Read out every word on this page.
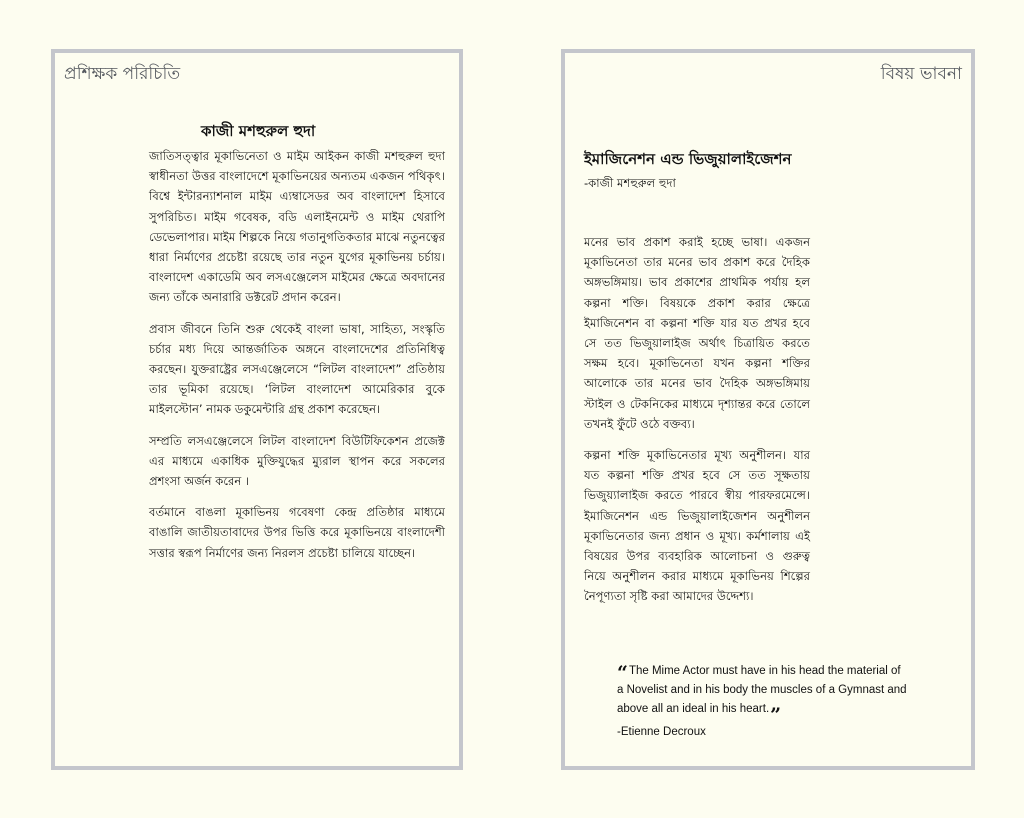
প্রশিক্ষক পরিচিতি	বিষয় ভাবনা
কাজী মশহুরুল হুদা

জাতিসত্ত্বার মূকাভিনেতা ও মাইম আইকন কাজী মশহুরুল হুদা স্বাধীনতা উত্তর বাংলাদেশে মূকাভিনয়ের অন্যতম একজন পথিকৃৎ। বিশ্বে ইন্টারন্যাশনাল মাইম এ্যম্বাসেডর অব বাংলাদেশ হিসাবে সুপরিচিত। মাইম গবেষক, বডি এলাইনমেন্ট ও মাইম থেরাপি ডেভেলাপার। মাইম শিল্পকে নিয়ে গতানুগতিকতার মাঝে নতুনত্বের ধারা নির্মাণের প্রচেষ্টা রয়েছে তার নতুন যুগের মূকাভিনয় চর্চায়। বাংলাদেশ একাডেমি অব লসএঞ্জেলেস মাইমের ক্ষেত্রে অবদানের জন্য তাঁকে অনারারি ডক্টরেট প্রদান করেন।

প্রবাস জীবনে তিনি শুরু থেকেই বাংলা ভাষা, সাহিত্য, সংস্কৃতি চর্চার মধ্য দিয়ে আন্তর্জাতিক অঙ্গনে বাংলাদেশের প্রতিনিধিত্ব করছেন। যুক্তরাষ্ট্রের লসএঞ্জেলেসে “লিটল বাংলাদেশ” প্রতিষ্ঠায় তার ভূমিকা রয়েছে। ‘লিটল বাংলাদেশ আমেরিকার বুকে মাইলস্টোন’ নামক ডকুমেন্টারি গ্রন্থ প্রকাশ করেছেন।

সম্প্রতি লসএঞ্জেলেসে লিটল বাংলাদেশ বিউটিফিকেশন প্রজেক্ট এর মাধ্যমে একাধিক মুক্তিযুদ্ধের ম্যুরাল স্থাপন করে সকলের প্রশংসা অর্জন করেন ।

বর্তমানে বাঙলা মূকাভিনয় গবেষণা কেন্দ্র প্রতিষ্ঠার মাধ্যমে বাঙালি জাতীয়তাবাদের উপর ভিত্তি করে মূকাভিনয়ে বাংলাদেশী সত্তার স্বরূপ নির্মাণের জন্য নিরলস প্রচেষ্টা চালিয়ে যাচ্ছেন।

ইমাজিনেশন এন্ড ভিজুয়ালাইজেশন
-কাজী মশহুরুল হুদা

মনের ভাব প্রকাশ করাই হচ্ছে ভাষা। একজন মূকাভিনেতা তার মনের ভাব প্রকাশ করে দৈহিক অঙ্গভঙ্গিমায়। ভাব প্রকাশের প্রাথমিক পর্যায় হল কল্পনা শক্তি। বিষয়কে প্রকাশ করার ক্ষেত্রে ইমাজিনেশন বা কল্পনা শক্তি যার যত প্রখর হবে সে তত ভিজুয়ালাইজ অর্থাৎ চিত্রায়িত করতে সক্ষম হবে। মূকাভিনেতা যখন কল্পনা শক্তির আলোকে তার মনের ভাব দৈহিক অঙ্গভঙ্গিমায় স্টাইল ও টেকনিকের মাধ্যমে দৃশ্যান্তর করে তোলে তখনই ফুঁটে ওঠে বক্তব্য।

কল্পনা শক্তি মূকাভিনেতার মূখ্য অনুশীলন। যার যত কল্পনা শক্তি প্রখর হবে সে তত সূক্ষতায় ভিজুয়্যালাইজ করতে পারবে স্বীয় পারফরমেন্সে। ইমাজিনেশন এন্ড ভিজুয়ালাইজেশন অনুশীলন মূকাভিনেতার জন্য প্রধান ও মূখ্য। কর্মশালায় এই বিষয়ের উপর ব্যবহারিক আলোচনা ও গুরুত্ব নিয়ে অনুশীলন করার মাধ্যমে মূকাভিনয় শিল্পের নৈপূণ্যতা সৃষ্টি করা আমাদের উদ্দেশ্য।

“The Mime Actor must have in his head the material of a Novelist and in his body the muscles of a Gymnast and above all an ideal in his heart.”
-Etienne Decroux
